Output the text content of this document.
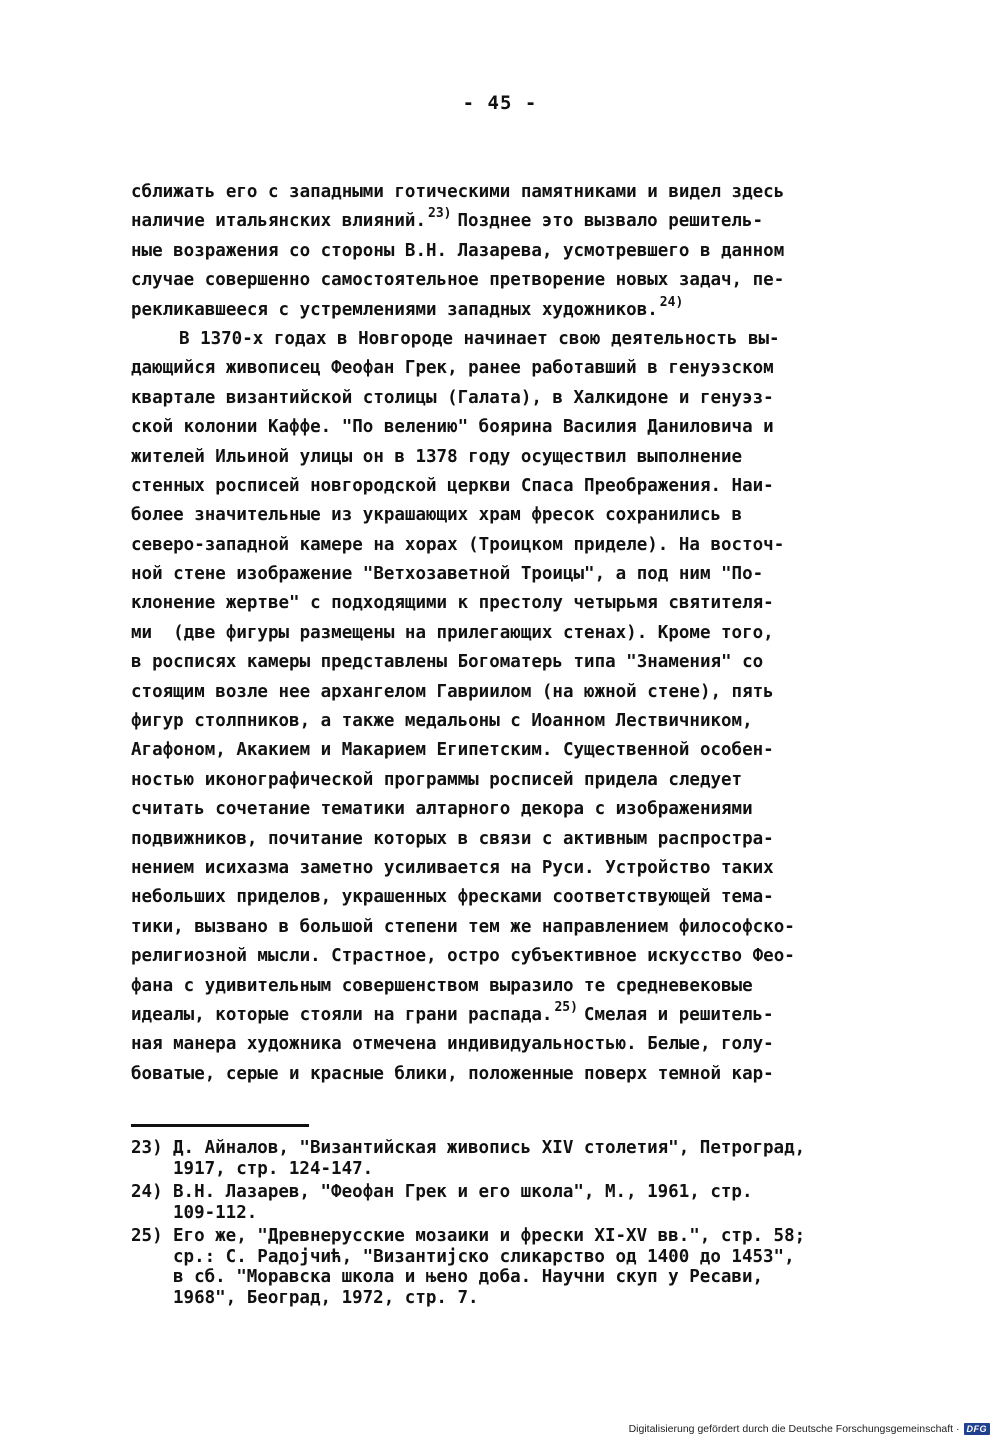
- 45 -
сближать его с западными готическими памятниками и видел здесь
наличие итальянских влияний. $^{23)}$ Позднее это вызвало решитель-
ные возражения со стороны В.Н. Лазарева, усмотревшего в данном
случае совершенно самостоятельное претворение новых задач, пе-
рекликавшееся с устремлениями западных художников. $^{24)}$
В 1370-х годах в Новгороде начинает свою деятельность вы-
дающийся живописец Феофан Грек, ранее работавший в генуэзском
квартале византийской столицы (Галата), в Халкидоне и генуэз-
ской колонии Каффе. "По велению" боярина Василия Даниловича и
жителей Ильиной улицы он в 1378 году осуществил выполнение
стенных росписей новгородской церкви Спаса Преображения. Наи-
более значительные из украшающих храм фресок сохранились в
северо-западной камере на хорах (Троицком приделе). На восточ-
ной стене изображение "Ветхозаветной Троицы", а под ним "По-
клонение жертве" с подходящими к престолу четырьмя святителя-
ми  (две фигуры размещены на прилегающих стенах). Кроме того,
в росписях камеры представлены Богоматерь типа "Знамения" со
стоящим возле нее архангелом Гавриилом (на южной стене), пять
фигур столпников, а также медальоны с Иоанном Лествичником,
Агафоном, Акакием и Макарием Египетским. Существенной особен-
ностью иконографической программы росписей придела следует
считать сочетание тематики алтарного декора с изображениями
подвижников, почитание которых в связи с активным распростра-
нением исихазма заметно усиливается на Руси. Устройство таких
небольших приделов, украшенных фресками соответствующей тема-
тики, вызвано в большой степени тем же направлением философско-
религиозной мысли. Страстное, остро субъективное искусство Фео-
фана с удивительным совершенством выразило те средневековые
идеалы, которые стояли на грани распада. $^{25)}$ Смелая и решитель-
ная манера художника отмечена индивидуальностью. Белые, голу-
боватые, серые и красные блики, положенные поверх темной кар-
23) Д. Айналов, "Византийская живопись XIV столетия", Петроград,
1917, стр. 124-147.
24) В.Н. Лазарев, "Феофан Грек и его школа", М., 1961, стр.
109-112.
25) Его же, "Древнерусские мозаики и фрески XI-XV вв.", стр. 58;
ср.: С. Радојчић, "Византијско сликарство од 1400 до 1453",
в сб. "Моравска школа и њено доба. Научни скуп у Ресави,
1968", Београд, 1972, стр. 7.
Digitalisierung gefördert durch die Deutsche Forschungsgemeinschaft · DFG
